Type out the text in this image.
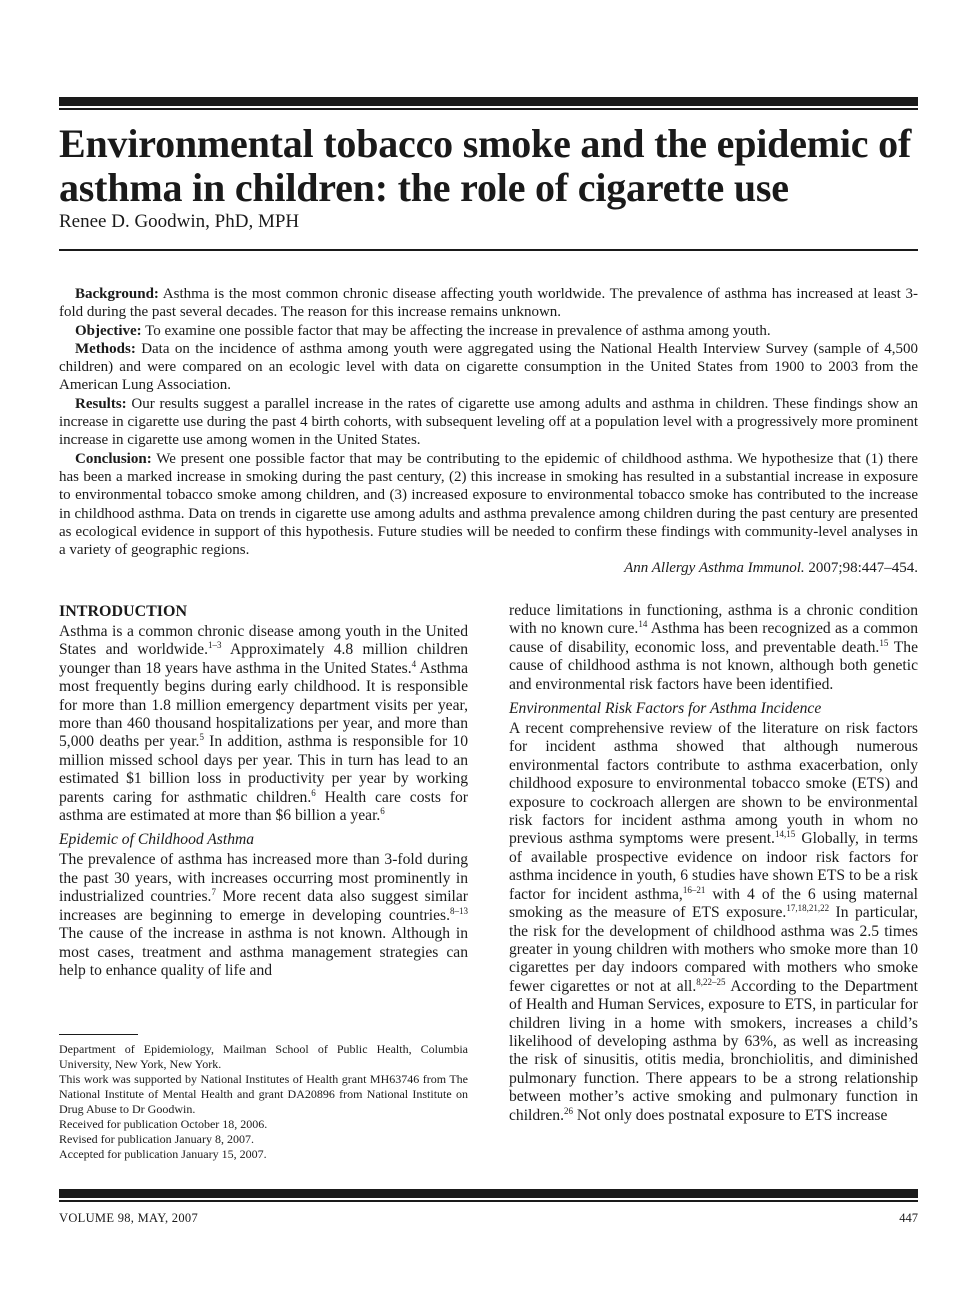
Environmental tobacco smoke and the epidemic of asthma in children: the role of cigarette use
Renee D. Goodwin, PhD, MPH

Background: Asthma is the most common chronic disease affecting youth worldwide. The prevalence of asthma has increased at least 3-fold during the past several decades. The reason for this increase remains unknown.

Objective: To examine one possible factor that may be affecting the increase in prevalence of asthma among youth.

Methods: Data on the incidence of asthma among youth were aggregated using the National Health Interview Survey (sample of 4,500 children) and were compared on an ecologic level with data on cigarette consumption in the United States from 1900 to 2003 from the American Lung Association.

Results: Our results suggest a parallel increase in the rates of cigarette use among adults and asthma in children. These findings show an increase in cigarette use during the past 4 birth cohorts, with subsequent leveling off at a population level with a progressively more prominent increase in cigarette use among women in the United States.

Conclusion: We present one possible factor that may be contributing to the epidemic of childhood asthma. We hypothesize that (1) there has been a marked increase in smoking during the past century, (2) this increase in smoking has resulted in a substantial increase in exposure to environmental tobacco smoke among children, and (3) increased exposure to environmental tobacco smoke has contributed to the increase in childhood asthma. Data on trends in cigarette use among adults and asthma prevalence among children during the past century are presented as ecological evidence in support of this hypothesis. Future studies will be needed to confirm these findings with community-level analyses in a variety of geographic regions.

Ann Allergy Asthma Immunol. 2007;98:447–454.

INTRODUCTION

Asthma is a common chronic disease among youth in the United States and worldwide.$^{1-3}$ Approximately 4.8 million children younger than 18 years have asthma in the United States.$^4$ Asthma most frequently begins during early childhood. It is responsible for more than 1.8 million emergency department visits per year, more than 460 thousand hospitalizations per year, and more than 5,000 deaths per year.$^5$ In addition, asthma is responsible for 10 million missed school days per year. This in turn has lead to an estimated $1 billion loss in productivity per year by working parents caring for asthmatic children.$^6$ Health care costs for asthma are estimated at more than $6 billion a year.$^6$

Epidemic of Childhood Asthma

The prevalence of asthma has increased more than 3-fold during the past 30 years, with increases occurring most prominently in industrialized countries.$^7$ More recent data also suggest similar increases are beginning to emerge in developing countries.$^{8-13}$ The cause of the increase in asthma is not known. Although in most cases, treatment and asthma management strategies can help to enhance quality of life and

Department of Epidemiology, Mailman School of Public Health, Columbia University, New York, New York.

This work was supported by National Institutes of Health grant MH63746 from The National Institute of Mental Health and grant DA20896 from National Institute on Drug Abuse to Dr Goodwin.

Received for publication October 18, 2006.

Revised for publication January 8, 2007.

Accepted for publication January 15, 2007.

reduce limitations in functioning, asthma is a chronic condition with no known cure.$^{14}$ Asthma has been recognized as a common cause of disability, economic loss, and preventable death.$^{15}$ The cause of childhood asthma is not known, although both genetic and environmental risk factors have been identified.

Environmental Risk Factors for Asthma Incidence

A recent comprehensive review of the literature on risk factors for incident asthma showed that although numerous environmental factors contribute to asthma exacerbation, only childhood exposure to environmental tobacco smoke (ETS) and exposure to cockroach allergen are shown to be environmental risk factors for incident asthma among youth in whom no previous asthma symptoms were present.$^{14,15}$ Globally, in terms of available prospective evidence on indoor risk factors for asthma incidence in youth, 6 studies have shown ETS to be a risk factor for incident asthma,$^{16-21}$ with 4 of the 6 using maternal smoking as the measure of ETS exposure.$^{17,18,21,22}$ In particular, the risk for the development of childhood asthma was 2.5 times greater in young children with mothers who smoke more than 10 cigarettes per day indoors compared with mothers who smoke fewer cigarettes or not at all.$^{8,22-25}$ According to the Department of Health and Human Services, exposure to ETS, in particular for children living in a home with smokers, increases a child’s likelihood of developing asthma by 63%, as well as increasing the risk of sinusitis, otitis media, bronchiolitis, and diminished pulmonary function. There appears to be a strong relationship between mother’s active smoking and pulmonary function in children.$^{26}$ Not only does postnatal exposure to ETS increase

VOLUME 98, MAY, 2007	447
